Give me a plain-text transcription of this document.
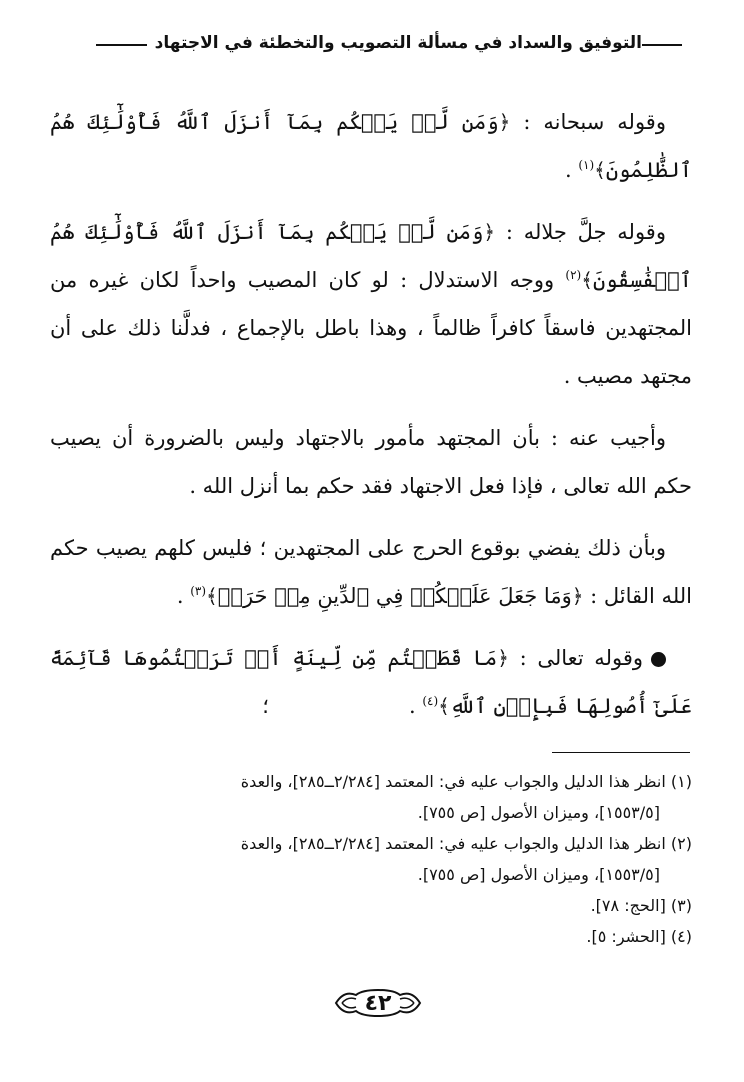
التوفيق والسداد في مسألة التصويب والتخطئة في الاجتهاد

وقوله سبحانه : ﴿وَمَن لَّمۡ يَحۡكُم بِمَآ أَنزَلَ ٱللَّهُ فَأُوْلَٰٓئِكَ هُمُ ٱلظَّٰلِمُونَ﴾$^{(١)}$ .

وقوله جلَّ جلاله : ﴿وَمَن لَّمۡ يَحۡكُم بِمَآ أَنزَلَ ٱللَّهُ فَأُوْلَٰٓئِكَ هُمُ ٱلۡفَٰسِقُونَ﴾$^{(٢)}$ ووجه الاستدلال : لو كان المصيب واحداً لكان غيره من المجتهدين فاسقاً كافراً ظالماً ، وهذا باطل بالإجماع ، فدلَّنا ذلك على أن مجتهد مصيب .

وأجيب عنه : بأن المجتهد مأمور بالاجتهاد وليس بالضرورة أن يصيب حكم الله تعالى ، فإذا فعل الاجتهاد فقد حكم بما أنزل الله .

وبأن ذلك يفضي بوقوع الحرج على المجتهدين ؛ فليس كلهم يصيب حكم الله القائل : ﴿وَمَا جَعَلَ عَلَيۡكُمۡ فِي ٱلدِّينِ مِنۡ حَرَجٖ﴾$^{(٣)}$ .

وقوله تعالى : ﴿مَا قَطَعۡتُم مِّن لِّينَةٍ أَوۡ تَرَكۡتُمُوهَا قَآئِمَةً عَلَىٰٓ أُصُولِهَا فَبِإِذۡنِ ٱللَّهِ﴾$^{(٤)}$ .؛

(١) انظر هذا الدليل والجواب عليه في: المعتمد [٢/٢٨٤ــ٢٨٥]، والعدة
[١٥٥٣/٥]، وميزان الأصول [ص ٧٥٥].

(٢) انظر هذا الدليل والجواب عليه في: المعتمد [٢/٢٨٤ــ٢٨٥]، والعدة
[١٥٥٣/٥]، وميزان الأصول [ص ٧٥٥].

(٣) [الحج: ٧٨].

(٤) [الحشر: ٥].

٤٢
